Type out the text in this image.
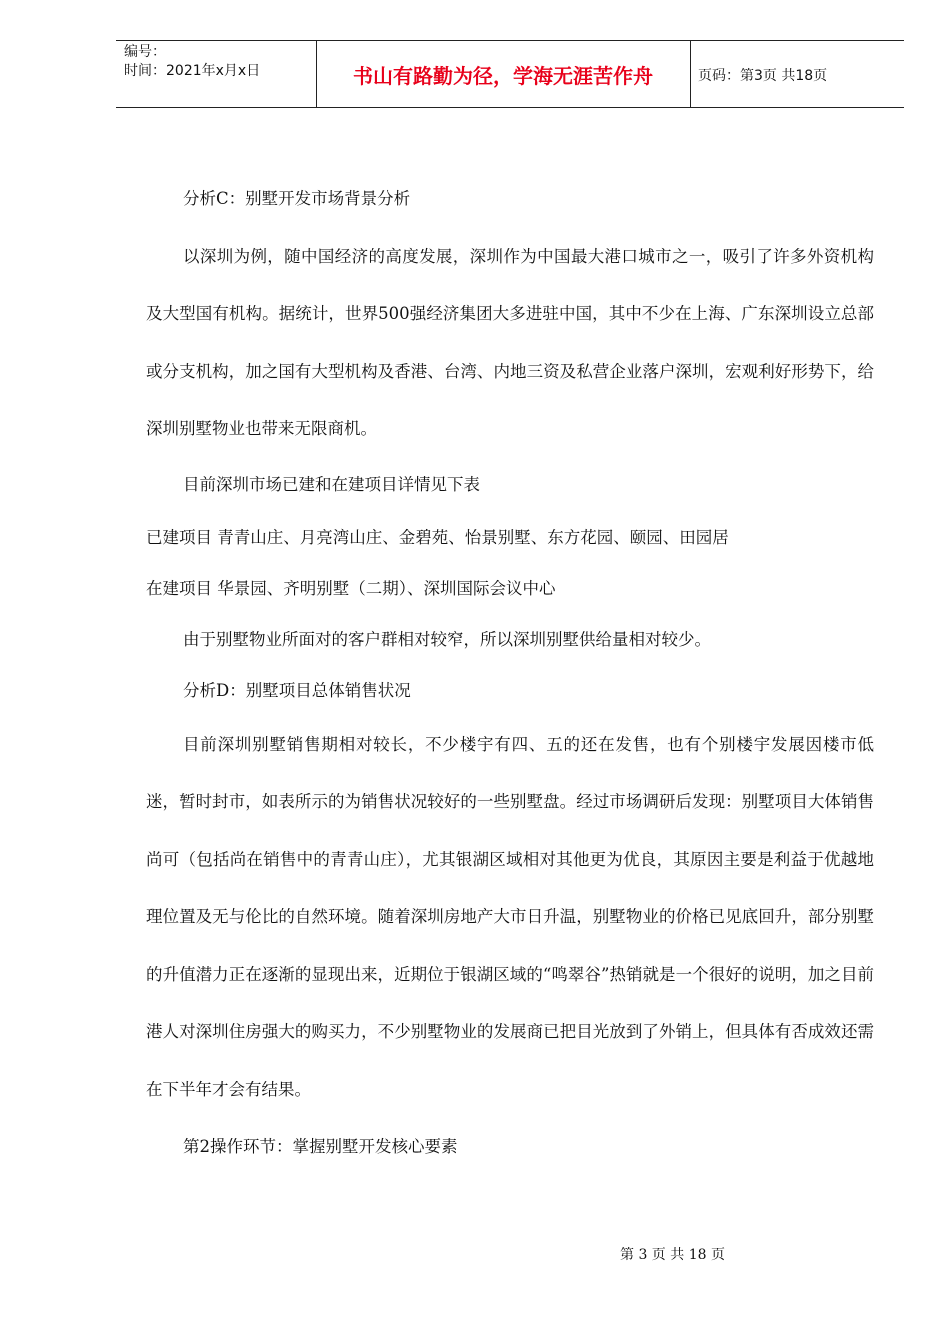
编号：
时间：2021年x月x日	书山有路勤为径，学海无涯苦作舟	页码：第3页 共18页

分析C：别墅开发市场背景分析

以深圳为例，随中国经济的高度发展，深圳作为中国最大港口城市之一，吸引了许多外资机构及大型国有机构。据统计，世界500强经济集团大多进驻中国，其中不少在上海、广东深圳设立总部或分支机构，加之国有大型机构及香港、台湾、内地三资及私营企业落户深圳，宏观利好形势下，给深圳别墅物业也带来无限商机。

目前深圳市场已建和在建项目详情见下表

已建项目 青青山庄、月亮湾山庄、金碧苑、怡景别墅、东方花园、颐园、田园居

在建项目 华景园、齐明别墅（二期）、深圳国际会议中心

由于别墅物业所面对的客户群相对较窄，所以深圳别墅供给量相对较少。

分析D：别墅项目总体销售状况

目前深圳别墅销售期相对较长，不少楼宇有四、五的还在发售，也有个别楼宇发展因楼市低迷，暂时封市，如表所示的为销售状况较好的一些别墅盘。经过市场调研后发现：别墅项目大体销售尚可（包括尚在销售中的青青山庄），尤其银湖区域相对其他更为优良，其原因主要是利益于优越地理位置及无与伦比的自然环境。随着深圳房地产大市日升温，别墅物业的价格已见底回升，部分别墅的升值潜力正在逐渐的显现出来，近期位于银湖区域的“鸣翠谷”热销就是一个很好的说明，加之目前港人对深圳住房强大的购买力，不少别墅物业的发展商已把目光放到了外销上，但具体有否成效还需在下半年才会有结果。

第2操作环节：掌握别墅开发核心要素

第 3 页 共 18 页
